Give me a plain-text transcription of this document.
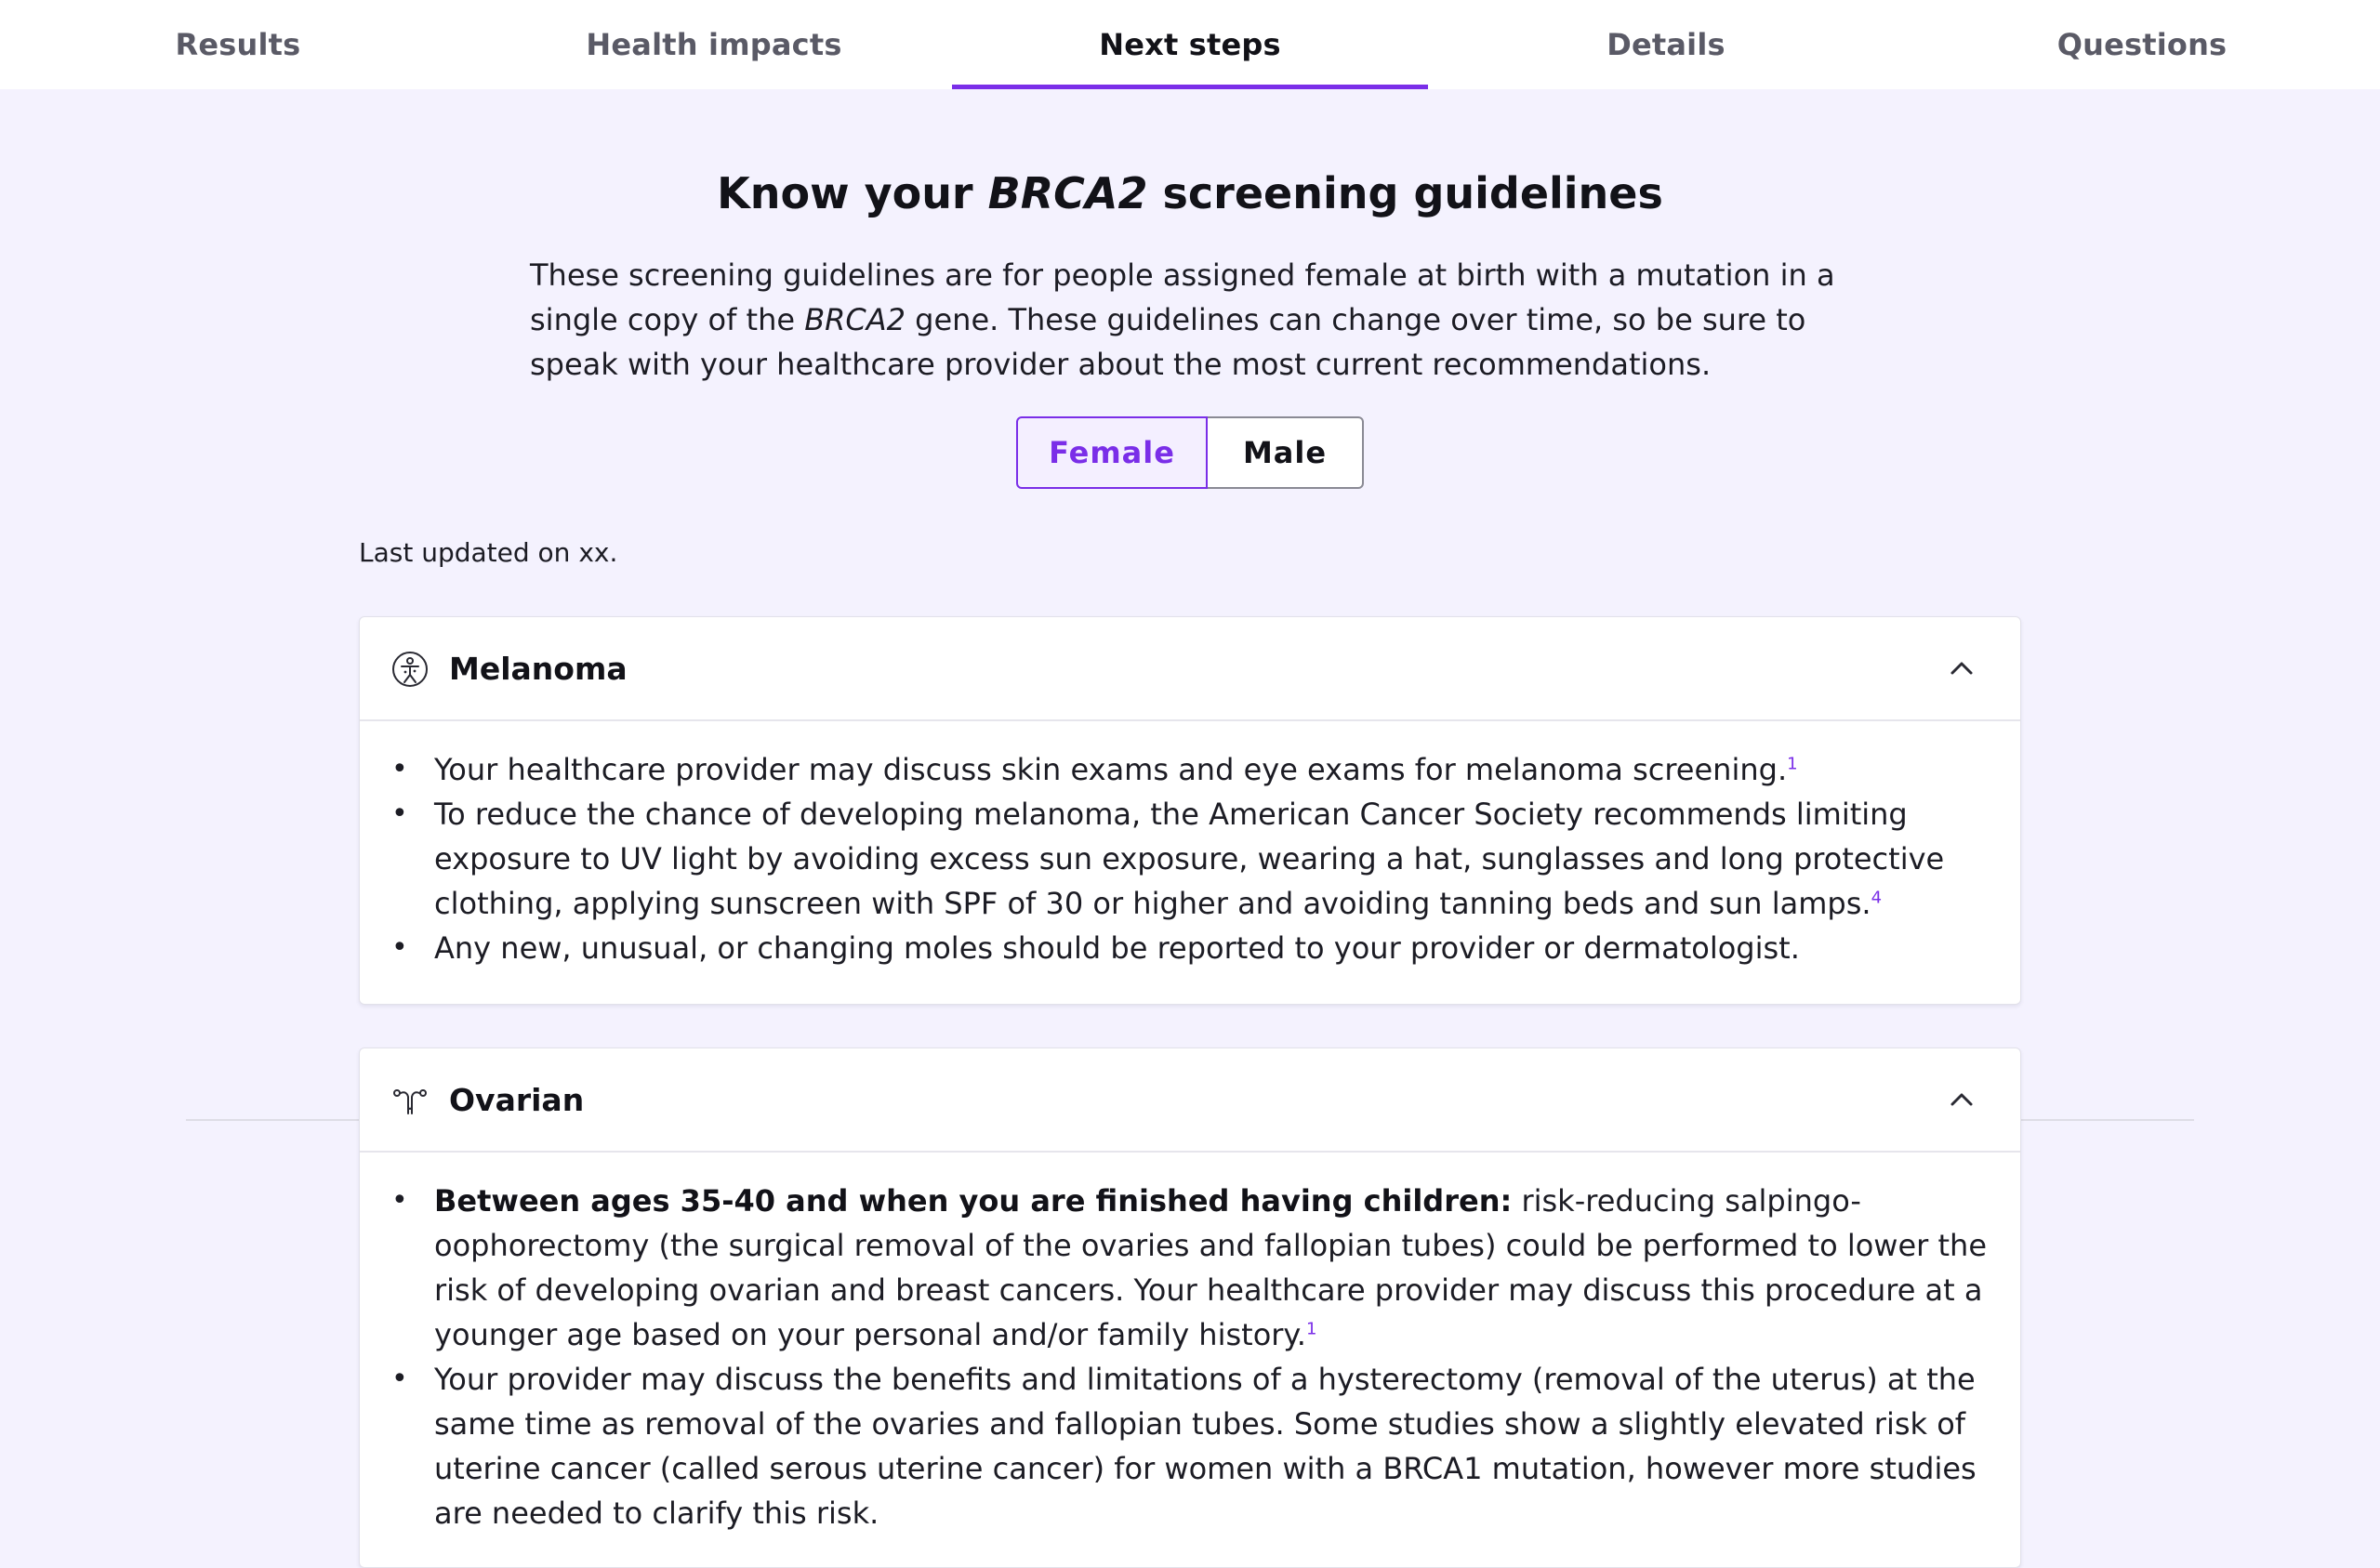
Results	Health impacts	Next steps	Details	Questions
Know your BRCA2 screening guidelines

These screening guidelines are for people assigned female at birth with a mutation in a single copy of the BRCA2 gene. These guidelines can change over time, so be sure to speak with your healthcare provider about the most current recommendations.

Female	Male
Last updated on xx.
Melanoma
• Your healthcare provider may discuss skin exams and eye exams for melanoma screening.$^1$
• To reduce the chance of developing melanoma, the American Cancer Society recommends limiting exposure to UV light by avoiding excess sun exposure, wearing a hat, sunglasses and long protective clothing, applying sunscreen with SPF of 30 or higher and avoiding tanning beds and sun lamps.$^4$
• Any new, unusual, or changing moles should be reported to your provider or dermatologist.
Ovarian
• Between ages 35-40 and when you are finished having children: risk-reducing salpingo-oophorectomy (the surgical removal of the ovaries and fallopian tubes) could be performed to lower the risk of developing ovarian and breast cancers. Your healthcare provider may discuss this procedure at a younger age based on your personal and/or family history.$^1$
• Your provider may discuss the benefits and limitations of a hysterectomy (removal of the uterus) at the same time as removal of the ovaries and fallopian tubes. Some studies show a slightly elevated risk of uterine cancer (called serous uterine cancer) for women with a BRCA1 mutation, however more studies are needed to clarify this risk.
